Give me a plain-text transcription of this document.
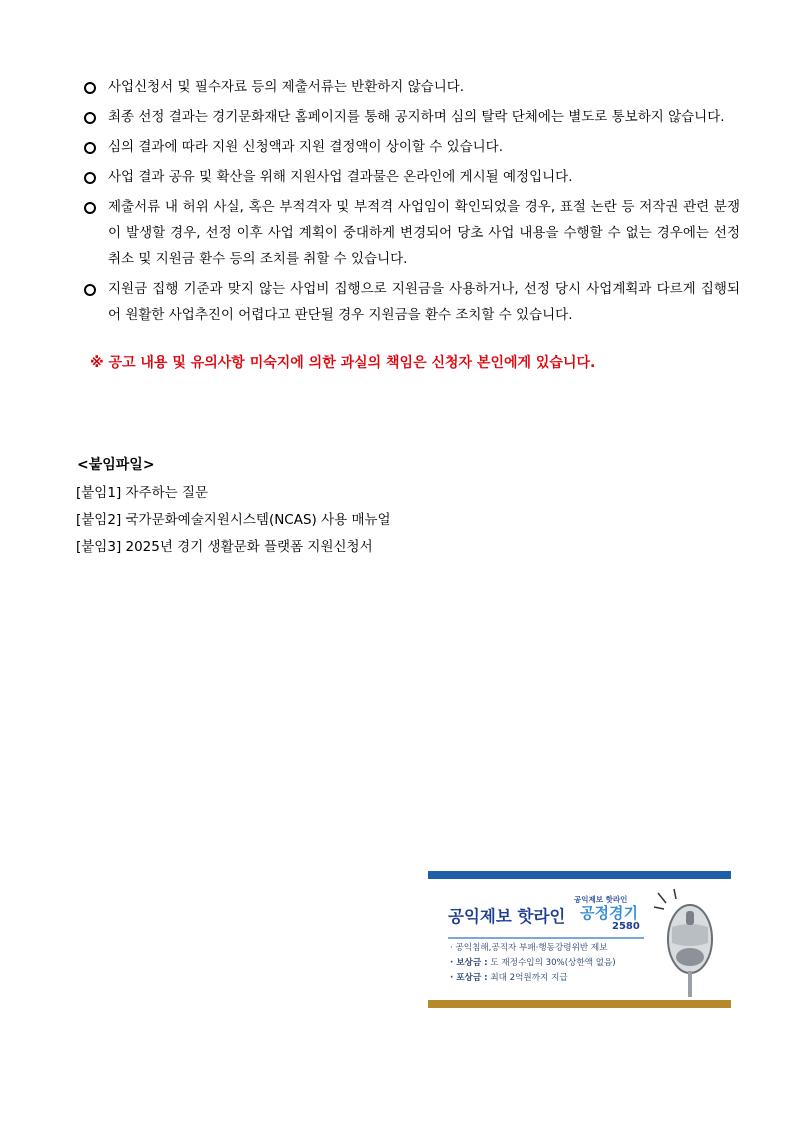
사업신청서 및 필수자료 등의 제출서류는 반환하지 않습니다.
최종 선정 결과는 경기문화재단 홈페이지를 통해 공지하며 심의 탈락 단체에는 별도로 통보하지 않습니다.
심의 결과에 따라 지원 신청액과 지원 결정액이 상이할 수 있습니다.
사업 결과 공유 및 확산을 위해 지원사업 결과물은 온라인에 게시될 예정입니다.
제출서류 내 허위 사실, 혹은 부적격자 및 부적격 사업임이 확인되었을 경우, 표절 논란 등 저작권 관련 분쟁이 발생할 경우, 선정 이후 사업 계획이 중대하게 변경되어 당초 사업 내용을 수행할 수 없는 경우에는 선정 취소 및 지원금 환수 등의 조치를 취할 수 있습니다.
지원금 집행 기준과 맞지 않는 사업비 집행으로 지원금을 사용하거나, 선정 당시 사업계획과 다르게 집행되어 원활한 사업추진이 어렵다고 판단될 경우 지원금을 환수 조치할 수 있습니다.
※ 공고 내용 및 유의사항 미숙지에 의한 과실의 책임은 신청자 본인에게 있습니다.
<붙임파일>
[붙임1] 자주하는 질문
[붙임2] 국가문화예술지원시스템(NCAS) 사용 매뉴얼
[붙임3] 2025년 경기 생활문화 플랫폼 지원신청서
공익제보 핫라인
공익제보 핫라인
공정경기
2580
· 공익침해,공직자 부패·행동강령위반 제보
· 보상금 : 도 재정수입의 30%(상한액 없음)
· 포상금 : 최대 2억원까지 지급
